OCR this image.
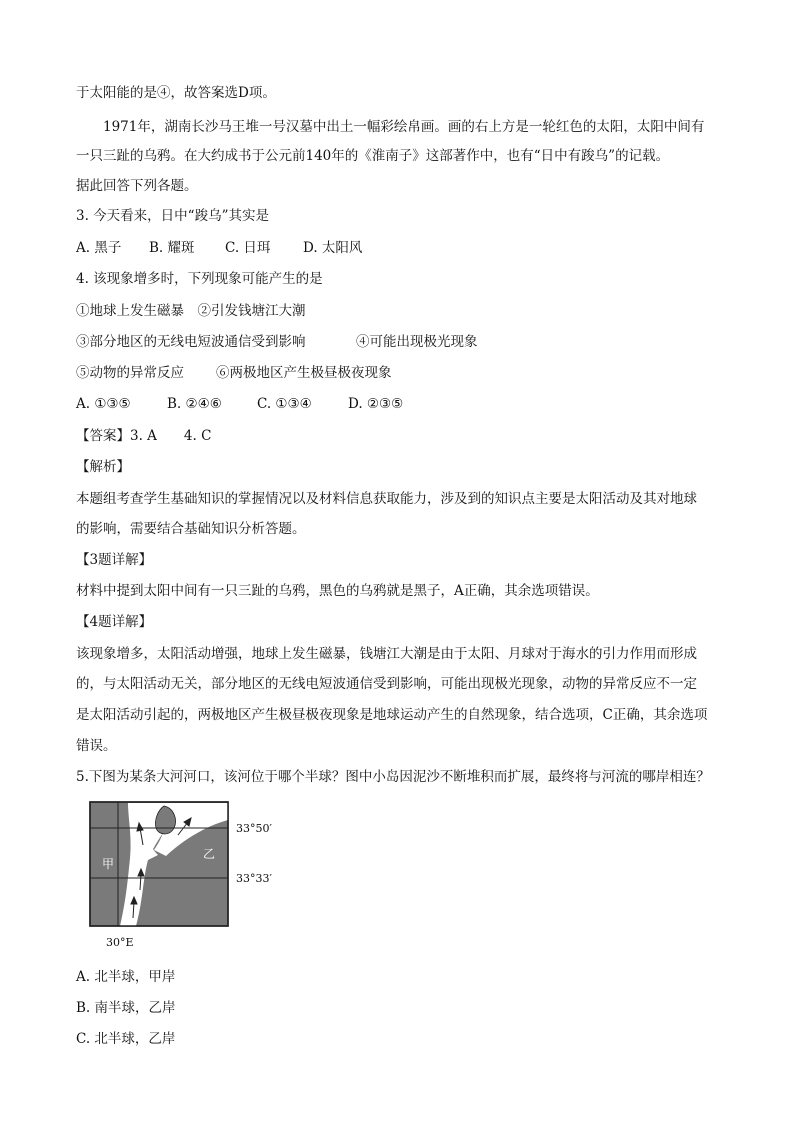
于太阳能的是④，故答案选D项。
1971年，湖南长沙马王堆一号汉墓中出土一幅彩绘帛画。画的右上方是一轮红色的太阳，太阳中间有
一只三趾的乌鸦。在大约成书于公元前140年的《淮南子》这部著作中，也有“日中有踆乌”的记载。
据此回答下列各题。
3. 今天看来，日中“踆乌”其实是
A. 黑子 B. 耀斑 C. 日珥 D. 太阳风
4. 该现象增多时，下列现象可能产生的是
①地球上发生磁暴　②引发钱塘江大潮
③部分地区的无线电短波通信受到影响	④可能出现极光现象
⑤动物的异常反应 ⑥两极地区产生极昼极夜现象
A. ①③⑤	B. ②④⑥	C. ①③④	D. ②③⑤
【答案】3. A　　4. C
【解析】
本题组考查学生基础知识的掌握情况以及材料信息获取能力，涉及到的知识点主要是太阳活动及其对地球
的影响，需要结合基础知识分析答题。
【3题详解】
材料中提到太阳中间有一只三趾的乌鸦，黑色的乌鸦就是黑子，A正确，其余选项错误。
【4题详解】
该现象增多，太阳活动增强，地球上发生磁暴，钱塘江大潮是由于太阳、月球对于海水的引力作用而形成
的，与太阳活动无关，部分地区的无线电短波通信受到影响，可能出现极光现象，动物的异常反应不一定
是太阳活动引起的，两极地区产生极昼极夜现象是地球运动产生的自然现象，结合选项，C正确，其余选项
错误。
5.下图为某条大河河口，该河位于哪个半球？图中小岛因泥沙不断堆积而扩展，最终将与河流的哪岸相连？
甲
乙
33°50′
33°33′
30°E
A. 北半球，甲岸
B. 南半球，乙岸
C. 北半球，乙岸
